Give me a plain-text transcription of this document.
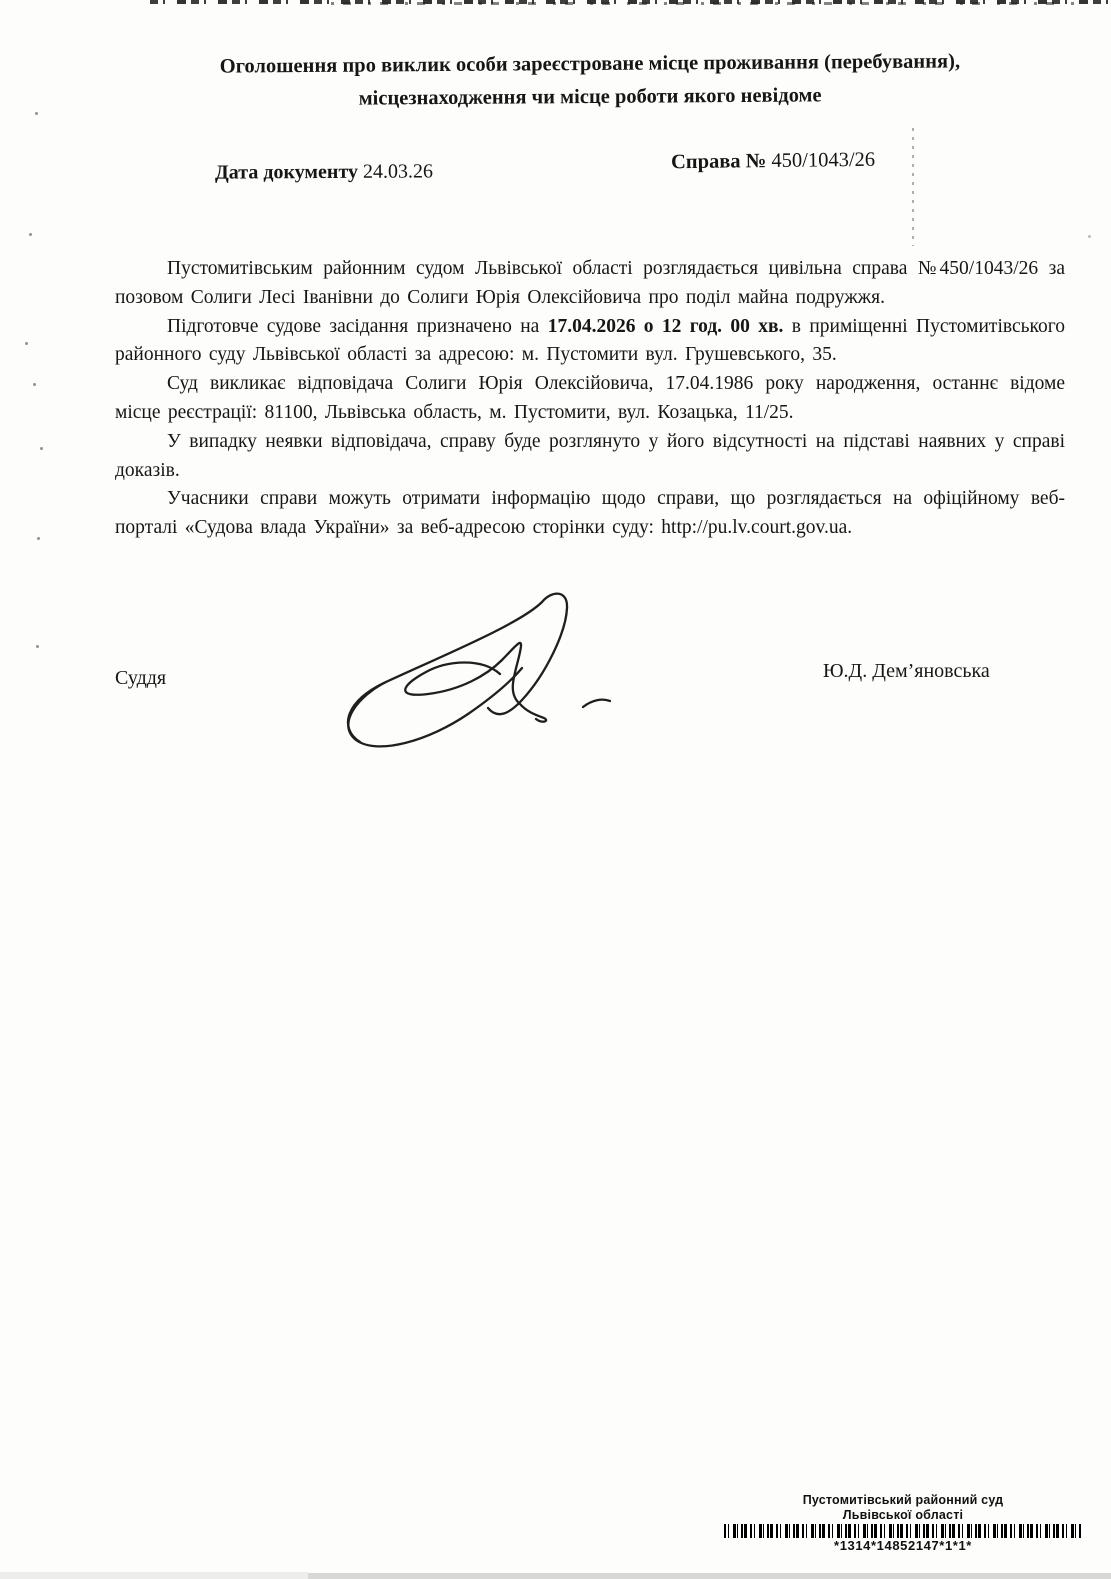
Оголошення про виклик особи зареєстроване місце проживання (перебування),
місцезнаходження чи місце роботи якого невідоме
Дата документу 24.03.26	Справа № 450/1043/26

Пустомитівським районним судом Львівської області розглядається цивільна справа №450/1043/26 за позовом Солиги Лесі Іванівни до Солиги Юрія Олексійовича про поділ майна подружжя.

Підготовче судове засідання призначено на 17.04.2026 о 12 год. 00 хв. в приміщенні Пустомитівського районного суду Львівської області за адресою: м. Пустомити вул. Грушевського, 35.

Суд викликає відповідача Солиги Юрія Олексійовича, 17.04.1986 року народження, останнє відоме місце реєстрації: 81100, Львівська область, м. Пустомити, вул. Козацька, 11/25.

У випадку неявки відповідача, справу буде розглянуто у його відсутності на підставі наявних у справі доказів.

Учасники справи можуть отримати інформацію щодо справи, що розглядається на офіційному веб-порталі «Судова влада України» за веб-адресою сторінки суду: http://pu.lv.court.gov.ua.

Суддя	Ю.Д. Дем’яновська
Пустомитівський районний суд
Львівської області
*1314*14852147*1*1*
